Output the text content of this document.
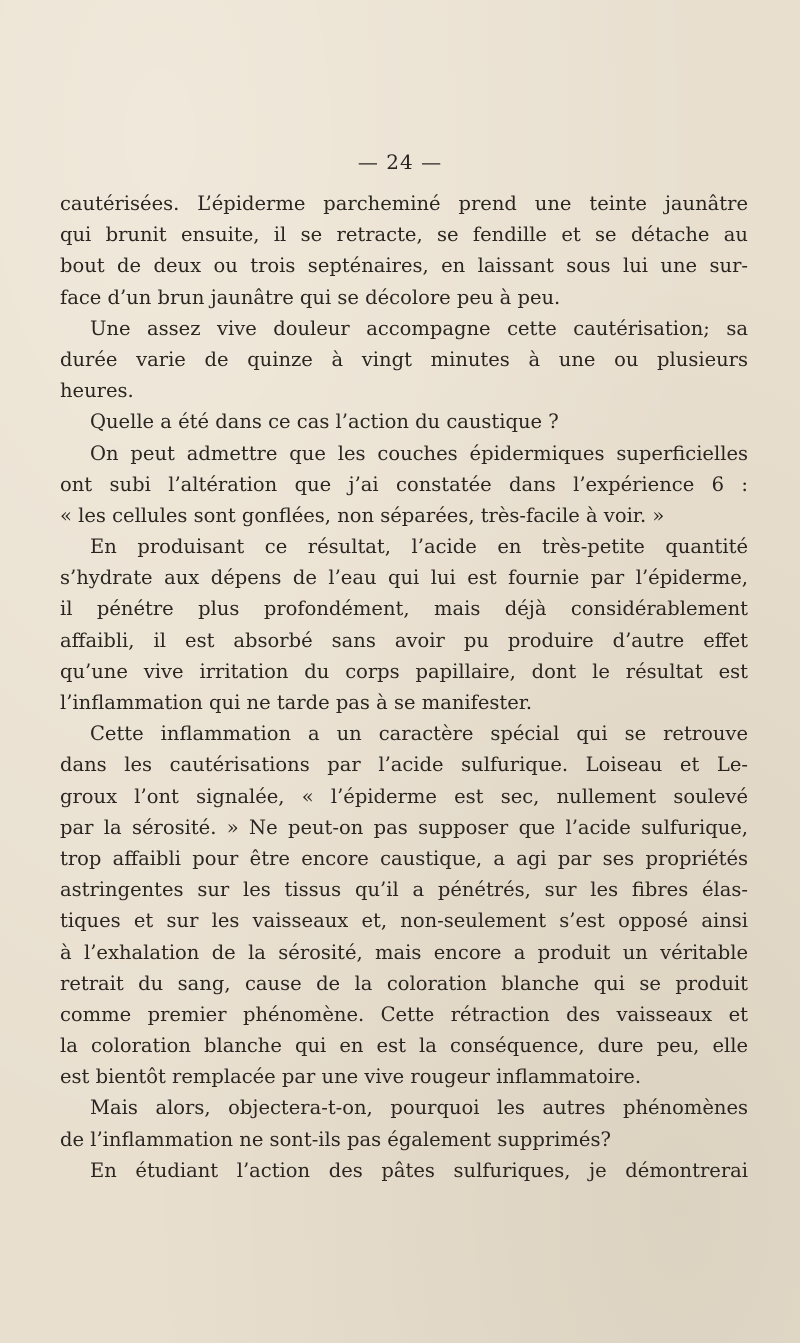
— 24 —
cautérisées. L’épiderme parcheminé prend une teinte jaunâtre
qui brunit ensuite, il se retracte, se fendille et se détache au
bout de deux ou trois septénaires, en laissant sous lui une sur-
face d’un brun jaunâtre qui se décolore peu à peu.
Une assez vive douleur accompagne cette cautérisation; sa
durée varie de quinze à vingt minutes à une ou plusieurs
heures.
Quelle a été dans ce cas l’action du caustique ?
On peut admettre que les couches épidermiques superficielles
ont subi l’altération que j’ai constatée dans l’expérience 6 :
« les cellules sont gonflées, non séparées, très-facile à voir. »
En produisant ce résultat, l’acide en très-petite quantité
s’hydrate aux dépens de l’eau qui lui est fournie par l’épiderme,
il pénétre plus profondément, mais déjà considérablement
affaibli, il est absorbé sans avoir pu produire d’autre effet
qu’une vive irritation du corps papillaire, dont le résultat est
l’inflammation qui ne tarde pas à se manifester.
Cette inflammation a un caractère spécial qui se retrouve
dans les cautérisations par l’acide sulfurique. Loiseau et Le-
groux l’ont signalée, « l’épiderme est sec, nullement soulevé
par la sérosité. » Ne peut-on pas supposer que l’acide sulfurique,
trop affaibli pour être encore caustique, a agi par ses propriétés
astringentes sur les tissus qu’il a pénétrés, sur les fibres élas-
tiques et sur les vaisseaux et, non-seulement s’est opposé ainsi
à l’exhalation de la sérosité, mais encore a produit un véritable
retrait du sang, cause de la coloration blanche qui se produit
comme premier phénomène. Cette rétraction des vaisseaux et
la coloration blanche qui en est la conséquence, dure peu, elle
est bientôt remplacée par une vive rougeur inflammatoire.
Mais alors, objectera-t-on, pourquoi les autres phénomènes
de l’inflammation ne sont-ils pas également supprimés?
En étudiant l’action des pâtes sulfuriques, je démontrerai
